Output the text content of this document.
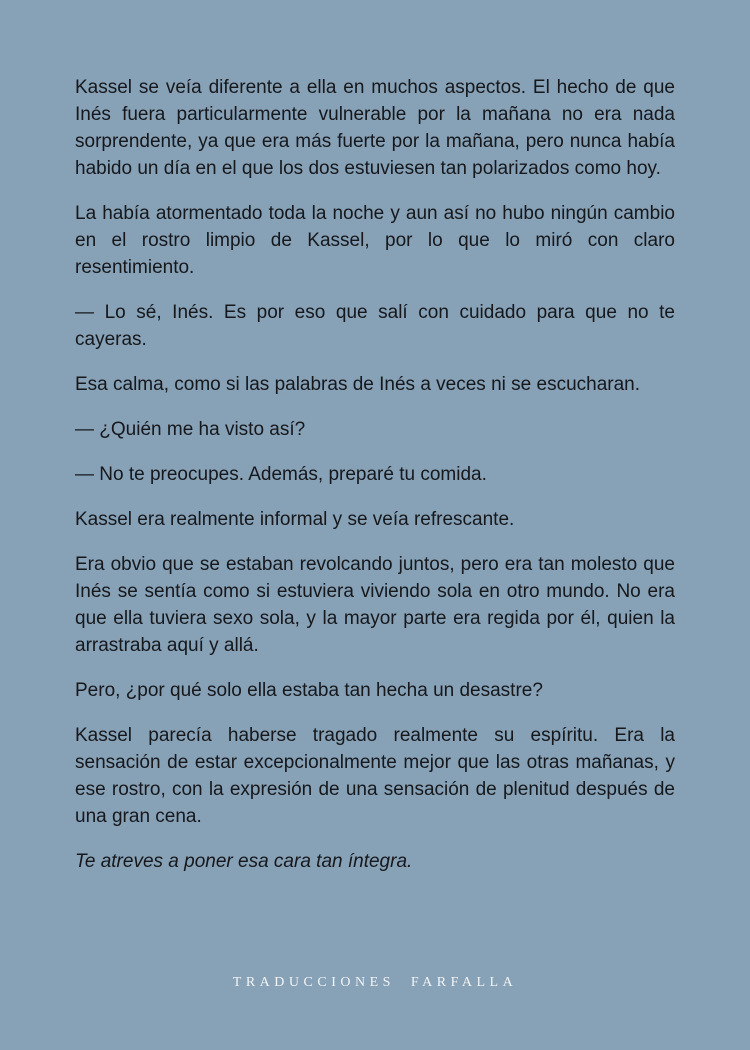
Kassel se veía diferente a ella en muchos aspectos. El hecho de que Inés fuera particularmente vulnerable por la mañana no era nada sorprendente, ya que era más fuerte por la mañana, pero nunca había habido un día en el que los dos estuviesen tan polarizados como hoy.

La había atormentado toda la noche y aun así no hubo ningún cambio en el rostro limpio de Kassel, por lo que lo miró con claro resentimiento.

— Lo sé, Inés. Es por eso que salí con cuidado para que no te cayeras.

Esa calma, como si las palabras de Inés a veces ni se escucharan.

— ¿Quién me ha visto así?

— No te preocupes. Además, preparé tu comida.

Kassel era realmente informal y se veía refrescante.

Era obvio que se estaban revolcando juntos, pero era tan molesto que Inés se sentía como si estuviera viviendo sola en otro mundo. No era que ella tuviera sexo sola, y la mayor parte era regida por él, quien la arrastraba aquí y allá.

Pero, ¿por qué solo ella estaba tan hecha un desastre?

Kassel parecía haberse tragado realmente su espíritu. Era la sensación de estar excepcionalmente mejor que las otras mañanas, y ese rostro, con la expresión de una sensación de plenitud después de una gran cena.

Te atreves a poner esa cara tan íntegra.

TRADUCCIONES  FARFALLA
